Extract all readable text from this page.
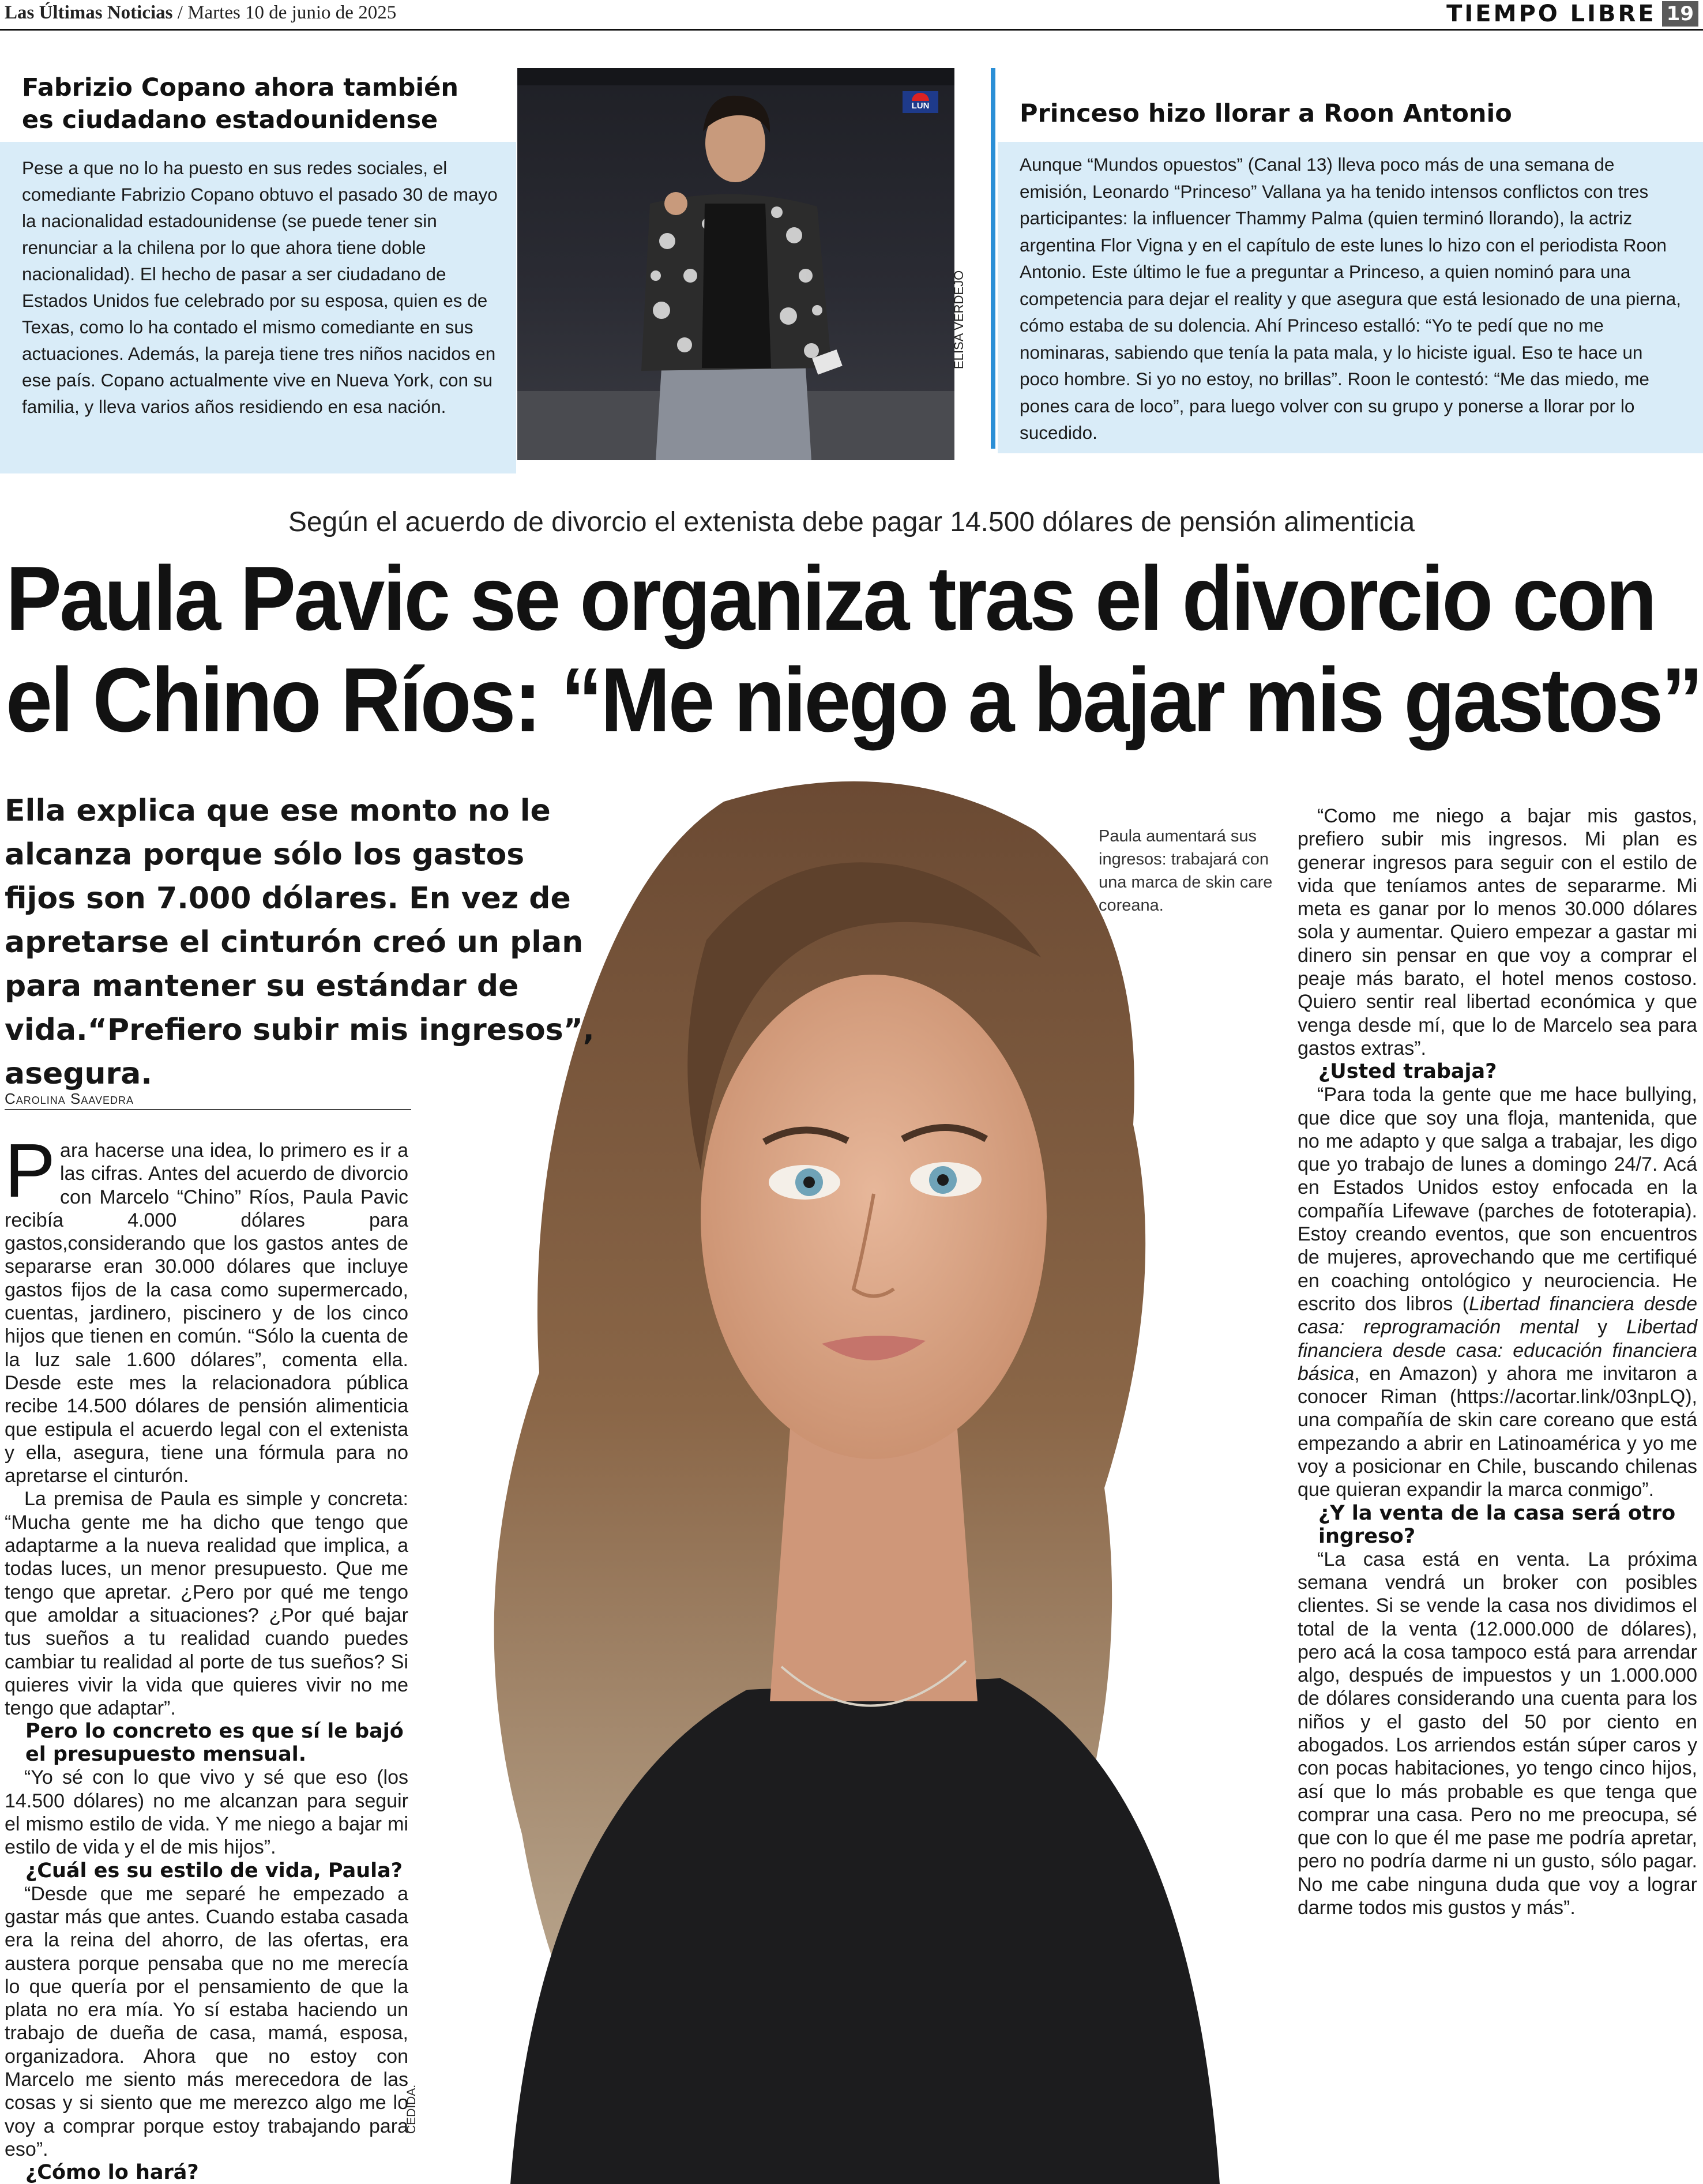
Las Últimas Noticias / Martes 10 de junio de 2025	TIEMPO LIBRE 19
Fabrizio Copano ahora también es ciudadano estadounidense
Pese a que no lo ha puesto en sus redes sociales, el comediante Fabrizio Copano obtuvo el pasado 30 de mayo la nacionalidad estadounidense (se puede tener sin renunciar a la chilena por lo que ahora tiene doble nacionalidad). El hecho de pasar a ser ciudadano de Estados Unidos fue celebrado por su esposa, quien es de Texas, como lo ha contado el mismo comediante en sus actuaciones. Además, la pareja tiene tres niños nacidos en ese país. Copano actualmente vive en Nueva York, con su familia, y lleva varios años residiendo en esa nación.
LUN
ELISA VERDEJO
Princeso hizo llorar a Roon Antonio
Aunque “Mundos opuestos” (Canal 13) lleva poco más de una semana de emisión, Leonardo “Princeso” Vallana ya ha tenido intensos conflictos con tres participantes: la influencer Thammy Palma (quien terminó llorando), la actriz argentina Flor Vigna y en el capítulo de este lunes lo hizo con el periodista Roon Antonio. Este último le fue a preguntar a Princeso, a quien nominó para una competencia para dejar el reality y que asegura que está lesionado de una pierna, cómo estaba de su dolencia. Ahí Princeso estalló: “Yo te pedí que no me nominaras, sabiendo que tenía la pata mala, y lo hiciste igual. Eso te hace un poco hombre. Si yo no estoy, no brillas”. Roon le contestó: “Me das miedo, me pones cara de loco”, para luego volver con su grupo y ponerse a llorar por lo sucedido.
Según el acuerdo de divorcio el extenista debe pagar 14.500 dólares de pensión alimenticia
Paula Pavic se organiza tras el divorcio con
el Chino Ríos: “Me niego a bajar mis gastos”
Paula aumentará sus ingresos: trabajará con una marca de skin care coreana.
CEDIDA.
Ella explica que ese monto no le alcanza porque sólo los gastos fijos son 7.000 dólares. En vez de apretarse el cinturón creó un plan para mantener su estándar de vida.“Prefiero subir mis ingresos”, asegura.
Carolina Saavedra

Para hacerse una idea, lo primero es ir a las cifras. Antes del acuerdo de divorcio con Marcelo “Chino” Ríos, Paula Pavic recibía 4.000 dólares para gastos,considerando que los gastos antes de separarse eran 30.000 dólares que incluye gastos fijos de la casa como supermercado, cuentas, jardinero, piscinero y de los cinco hijos que tienen en común. “Sólo la cuenta de la luz sale 1.600 dólares”, comenta ella. Desde este mes la relacionadora pública recibe 14.500 dólares de pensión alimenticia que estipula el acuerdo legal con el extenista y ella, asegura, tiene una fórmula para no apretarse el cinturón.

La premisa de Paula es simple y concreta: “Mucha gente me ha dicho que tengo que adaptarme a la nueva realidad que implica, a todas luces, un menor presupuesto. Que me tengo que apretar. ¿Pero por qué me tengo que amoldar a situaciones? ¿Por qué bajar tus sueños a tu realidad cuando puedes cambiar tu realidad al porte de tus sueños? Si quieres vivir la vida que quieres vivir no me tengo que adaptar”.

Pero lo concreto es que sí le bajó el presupuesto mensual.

“Yo sé con lo que vivo y sé que eso (los 14.500 dólares) no me alcanzan para seguir el mismo estilo de vida. Y me niego a bajar mi estilo de vida y el de mis hijos”.

¿Cuál es su estilo de vida, Paula?

“Desde que me separé he empezado a gastar más que antes. Cuando estaba casada era la reina del ahorro, de las ofertas, era austera porque pensaba que no me merecía lo que quería por el pensamiento de que la plata no era mía. Yo sí estaba haciendo un trabajo de dueña de casa, mamá, esposa, organizadora. Ahora que no estoy con Marcelo me siento más merecedora de las cosas y si siento que me merezco algo me lo voy a comprar porque estoy trabajando para eso”.

¿Cómo lo hará?

“Como me niego a bajar mis gastos, prefiero subir mis ingresos. Mi plan es generar ingresos para seguir con el estilo de vida que teníamos antes de separarme. Mi meta es ganar por lo menos 30.000 dólares sola y aumentar. Quiero empezar a gastar mi dinero sin pensar en que voy a comprar el peaje más barato, el hotel menos costoso. Quiero sentir real libertad económica y que venga desde mí, que lo de Marcelo sea para gastos extras”.

¿Usted trabaja?

“Para toda la gente que me hace bullying, que dice que soy una floja, mantenida, que no me adapto y que salga a trabajar, les digo que yo trabajo de lunes a domingo 24/7. Acá en Estados Unidos estoy enfocada en la compañía Lifewave (parches de fototerapia). Estoy creando eventos, que son encuentros de mujeres, aprovechando que me certifiqué en coaching ontológico y neurociencia. He escrito dos libros (Libertad financiera desde casa: reprogramación mental y Libertad financiera desde casa: educación financiera básica, en Amazon) y ahora me invitaron a conocer Riman (https://acortar.link/03npLQ), una compañía de skin care coreano que está empezando a abrir en Latinoamérica y yo me voy a posicionar en Chile, buscando chilenas que quieran expandir la marca conmigo”.

¿Y la venta de la casa será otro ingreso?

“La casa está en venta. La próxima semana vendrá un broker con posibles clientes. Si se vende la casa nos dividimos el total de la venta (12.000.000 de dólares), pero acá la cosa tampoco está para arrendar algo, después de impuestos y un 1.000.000 de dólares considerando una cuenta para los niños y el gasto del 50 por ciento en abogados. Los arriendos están súper caros y con pocas habitaciones, yo tengo cinco hijos, así que lo más probable es que tenga que comprar una casa. Pero no me preocupa, sé que con lo que él me pase me podría apretar, pero no podría darme ni un gusto, sólo pagar. No me cabe ninguna duda que voy a lograr darme todos mis gustos y más”.
